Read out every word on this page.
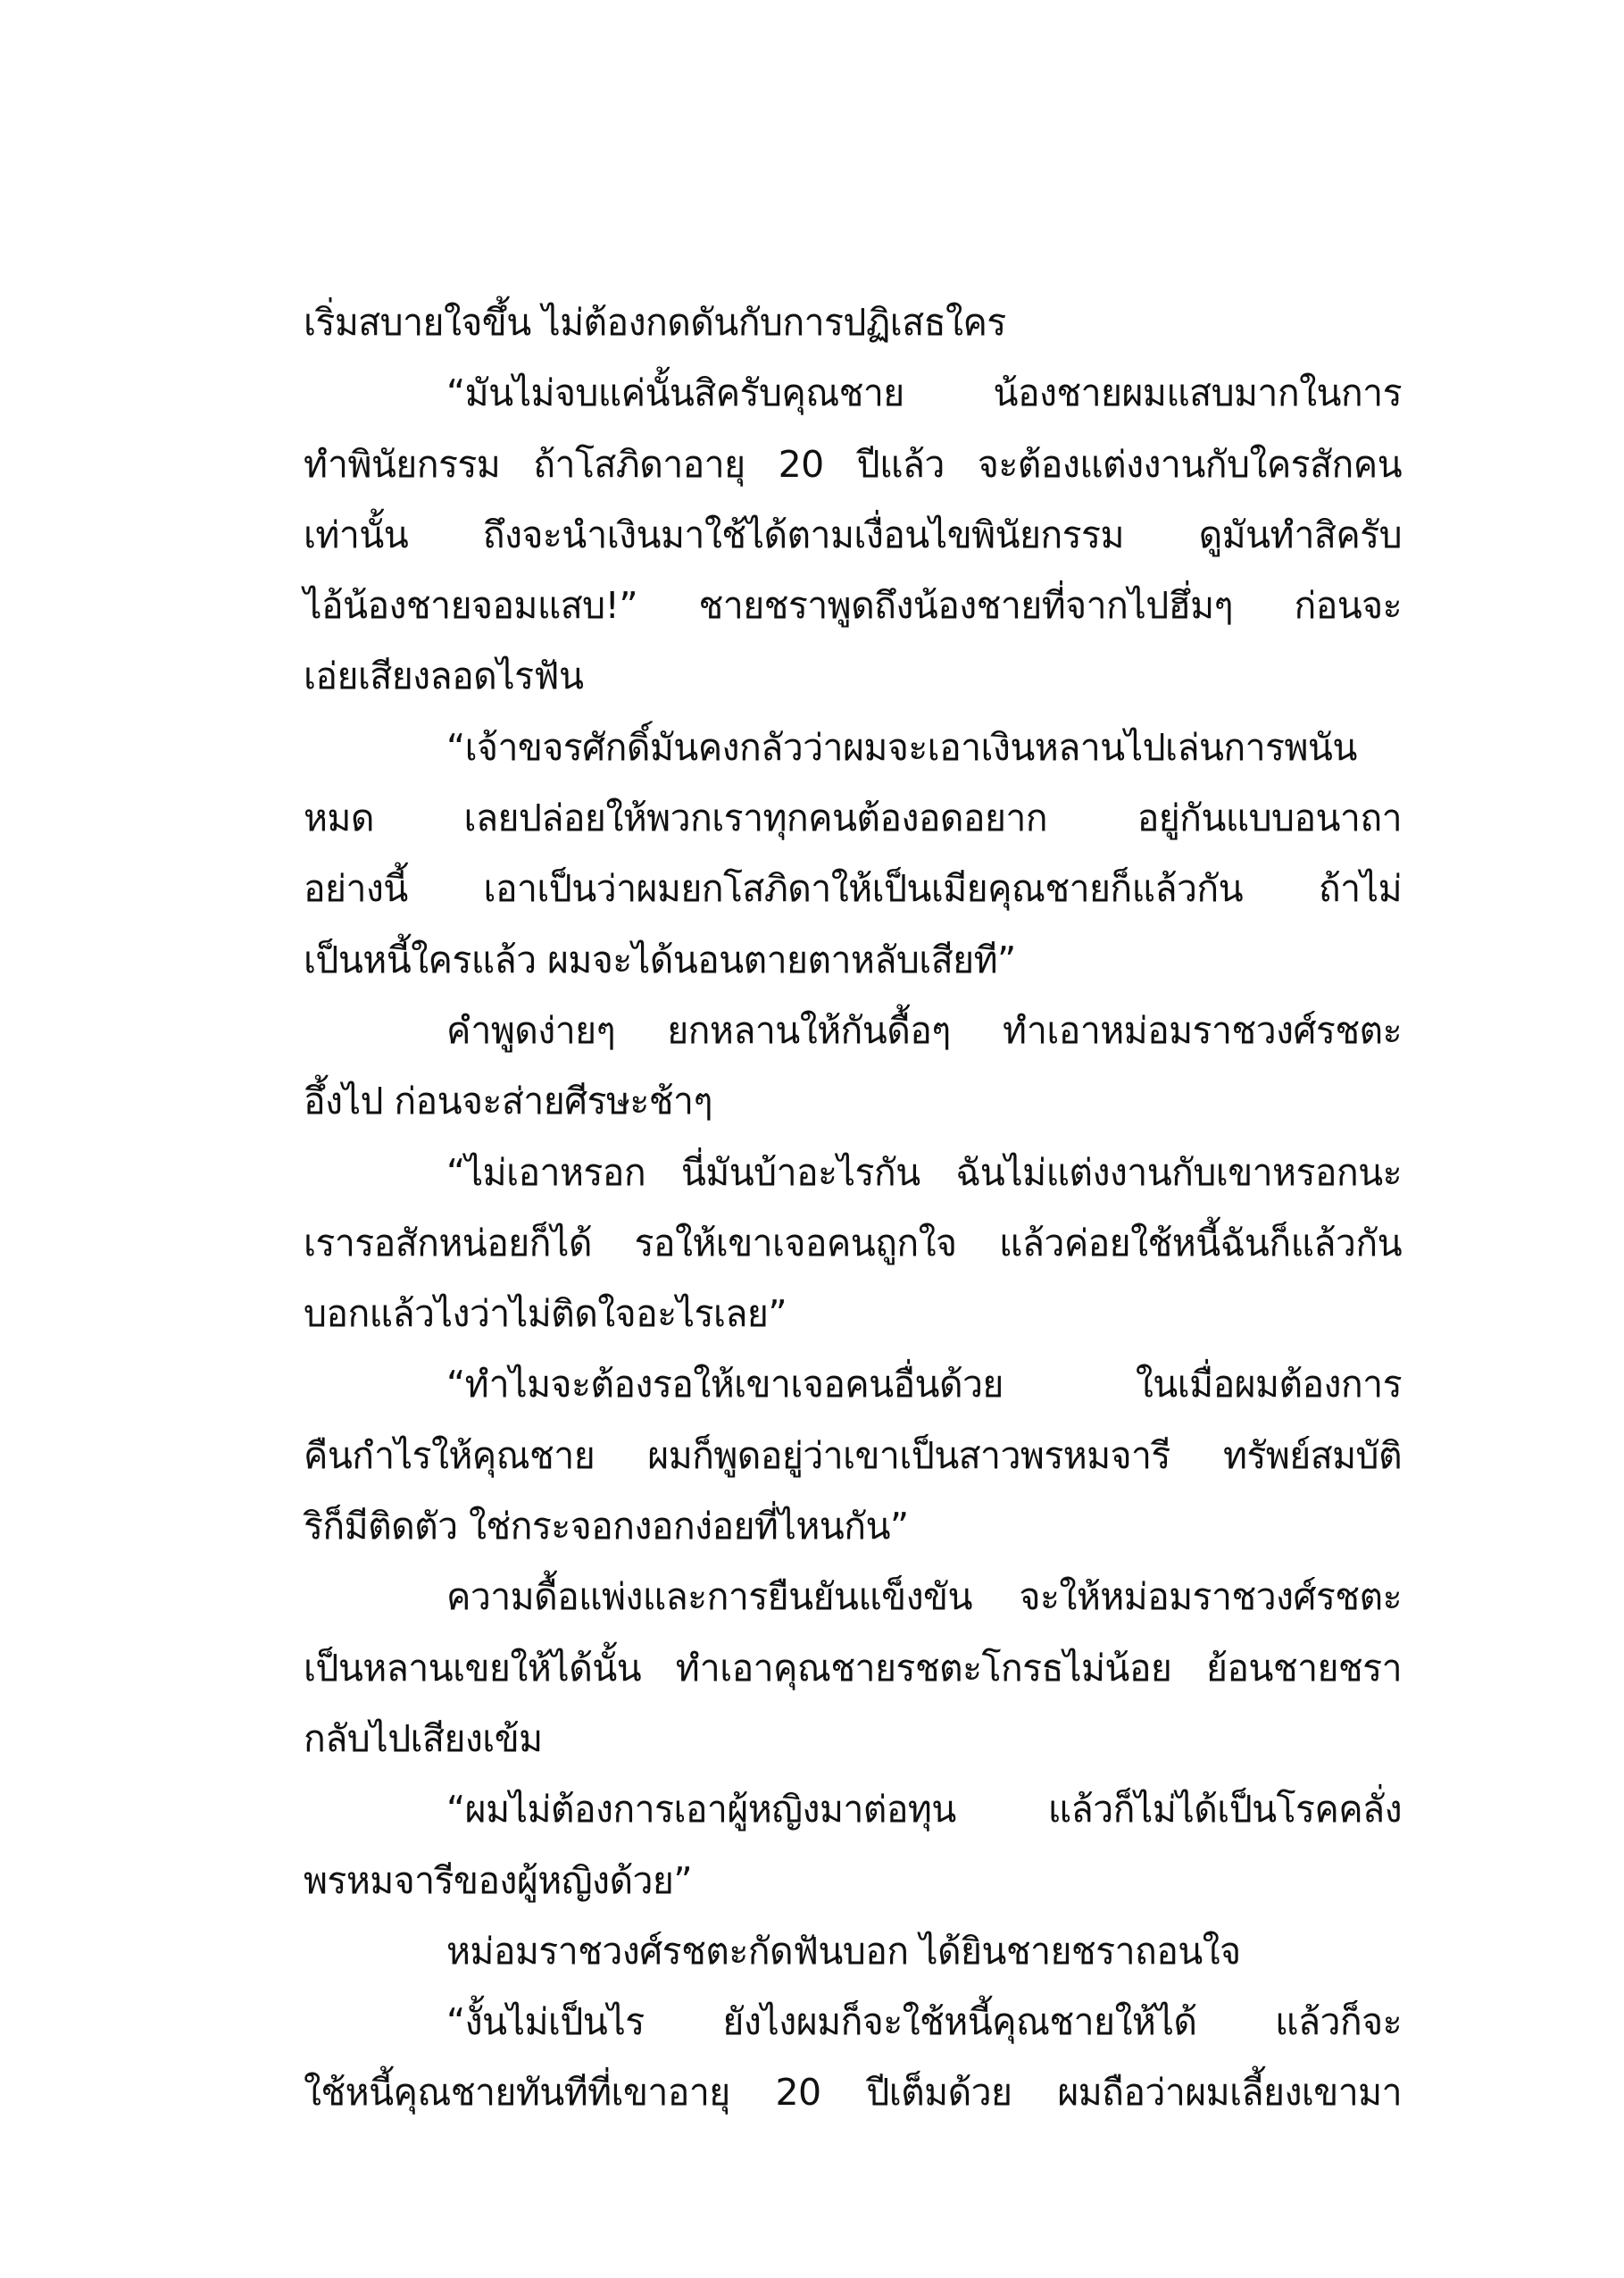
เริ่มสบายใจขึ้น ไม่ต้องกดดันกับการปฏิเสธใคร
“มันไม่จบแค่นั้นสิครับคุณชาย น้องชายผมแสบมากในการ
ทำพินัยกรรม ถ้าโสภิดาอายุ 20 ปีแล้ว จะต้องแต่งงานกับใครสักคน
เท่านั้น ถึงจะนำเงินมาใช้ได้ตามเงื่อนไขพินัยกรรม ดูมันทำสิครับ
ไอ้น้องชายจอมแสบ!” ชายชราพูดถึงน้องชายที่จากไปฮึ่มๆ ก่อนจะ
เอ่ยเสียงลอดไรฟัน
“เจ้าขจรศักดิ์มันคงกลัวว่าผมจะเอาเงินหลานไปเล่นการพนัน
หมด เลยปล่อยให้พวกเราทุกคนต้องอดอยาก อยู่กันแบบอนาถา
อย่างนี้ เอาเป็นว่าผมยกโสภิดาให้เป็นเมียคุณชายก็แล้วกัน ถ้าไม่
เป็นหนี้ใครแล้ว ผมจะได้นอนตายตาหลับเสียที”
คำพูดง่ายๆ ยกหลานให้กันดื้อๆ ทำเอาหม่อมราชวงศ์รชตะ
อึ้งไป ก่อนจะส่ายศีรษะช้าๆ
“ไม่เอาหรอก นี่มันบ้าอะไรกัน ฉันไม่แต่งงานกับเขาหรอกนะ
เรารอสักหน่อยก็ได้ รอให้เขาเจอคนถูกใจ แล้วค่อยใช้หนี้ฉันก็แล้วกัน
บอกแล้วไงว่าไม่ติดใจอะไรเลย”
“ทำไมจะต้องรอให้เขาเจอคนอื่นด้วย ในเมื่อผมต้องการ
คืนกำไรให้คุณชาย ผมก็พูดอยู่ว่าเขาเป็นสาวพรหมจารี ทรัพย์สมบัติ
ริก็มีติดตัว ใช่กระจอกงอกง่อยที่ไหนกัน”
ความดื้อแพ่งและการยืนยันแข็งขัน จะให้หม่อมราชวงศ์รชตะ
เป็นหลานเขยให้ได้นั้น ทำเอาคุณชายรชตะโกรธไม่น้อย ย้อนชายชรา
กลับไปเสียงเข้ม
“ผมไม่ต้องการเอาผู้หญิงมาต่อทุน แล้วก็ไม่ได้เป็นโรคคลั่ง
พรหมจารีของผู้หญิงด้วย”
หม่อมราชวงศ์รชตะกัดฟันบอก ได้ยินชายชราถอนใจ
“งั้นไม่เป็นไร ยังไงผมก็จะใช้หนี้คุณชายให้ได้ แล้วก็จะ
ใช้หนี้คุณชายทันทีที่เขาอายุ 20 ปีเต็มด้วย ผมถือว่าผมเลี้ยงเขามา
